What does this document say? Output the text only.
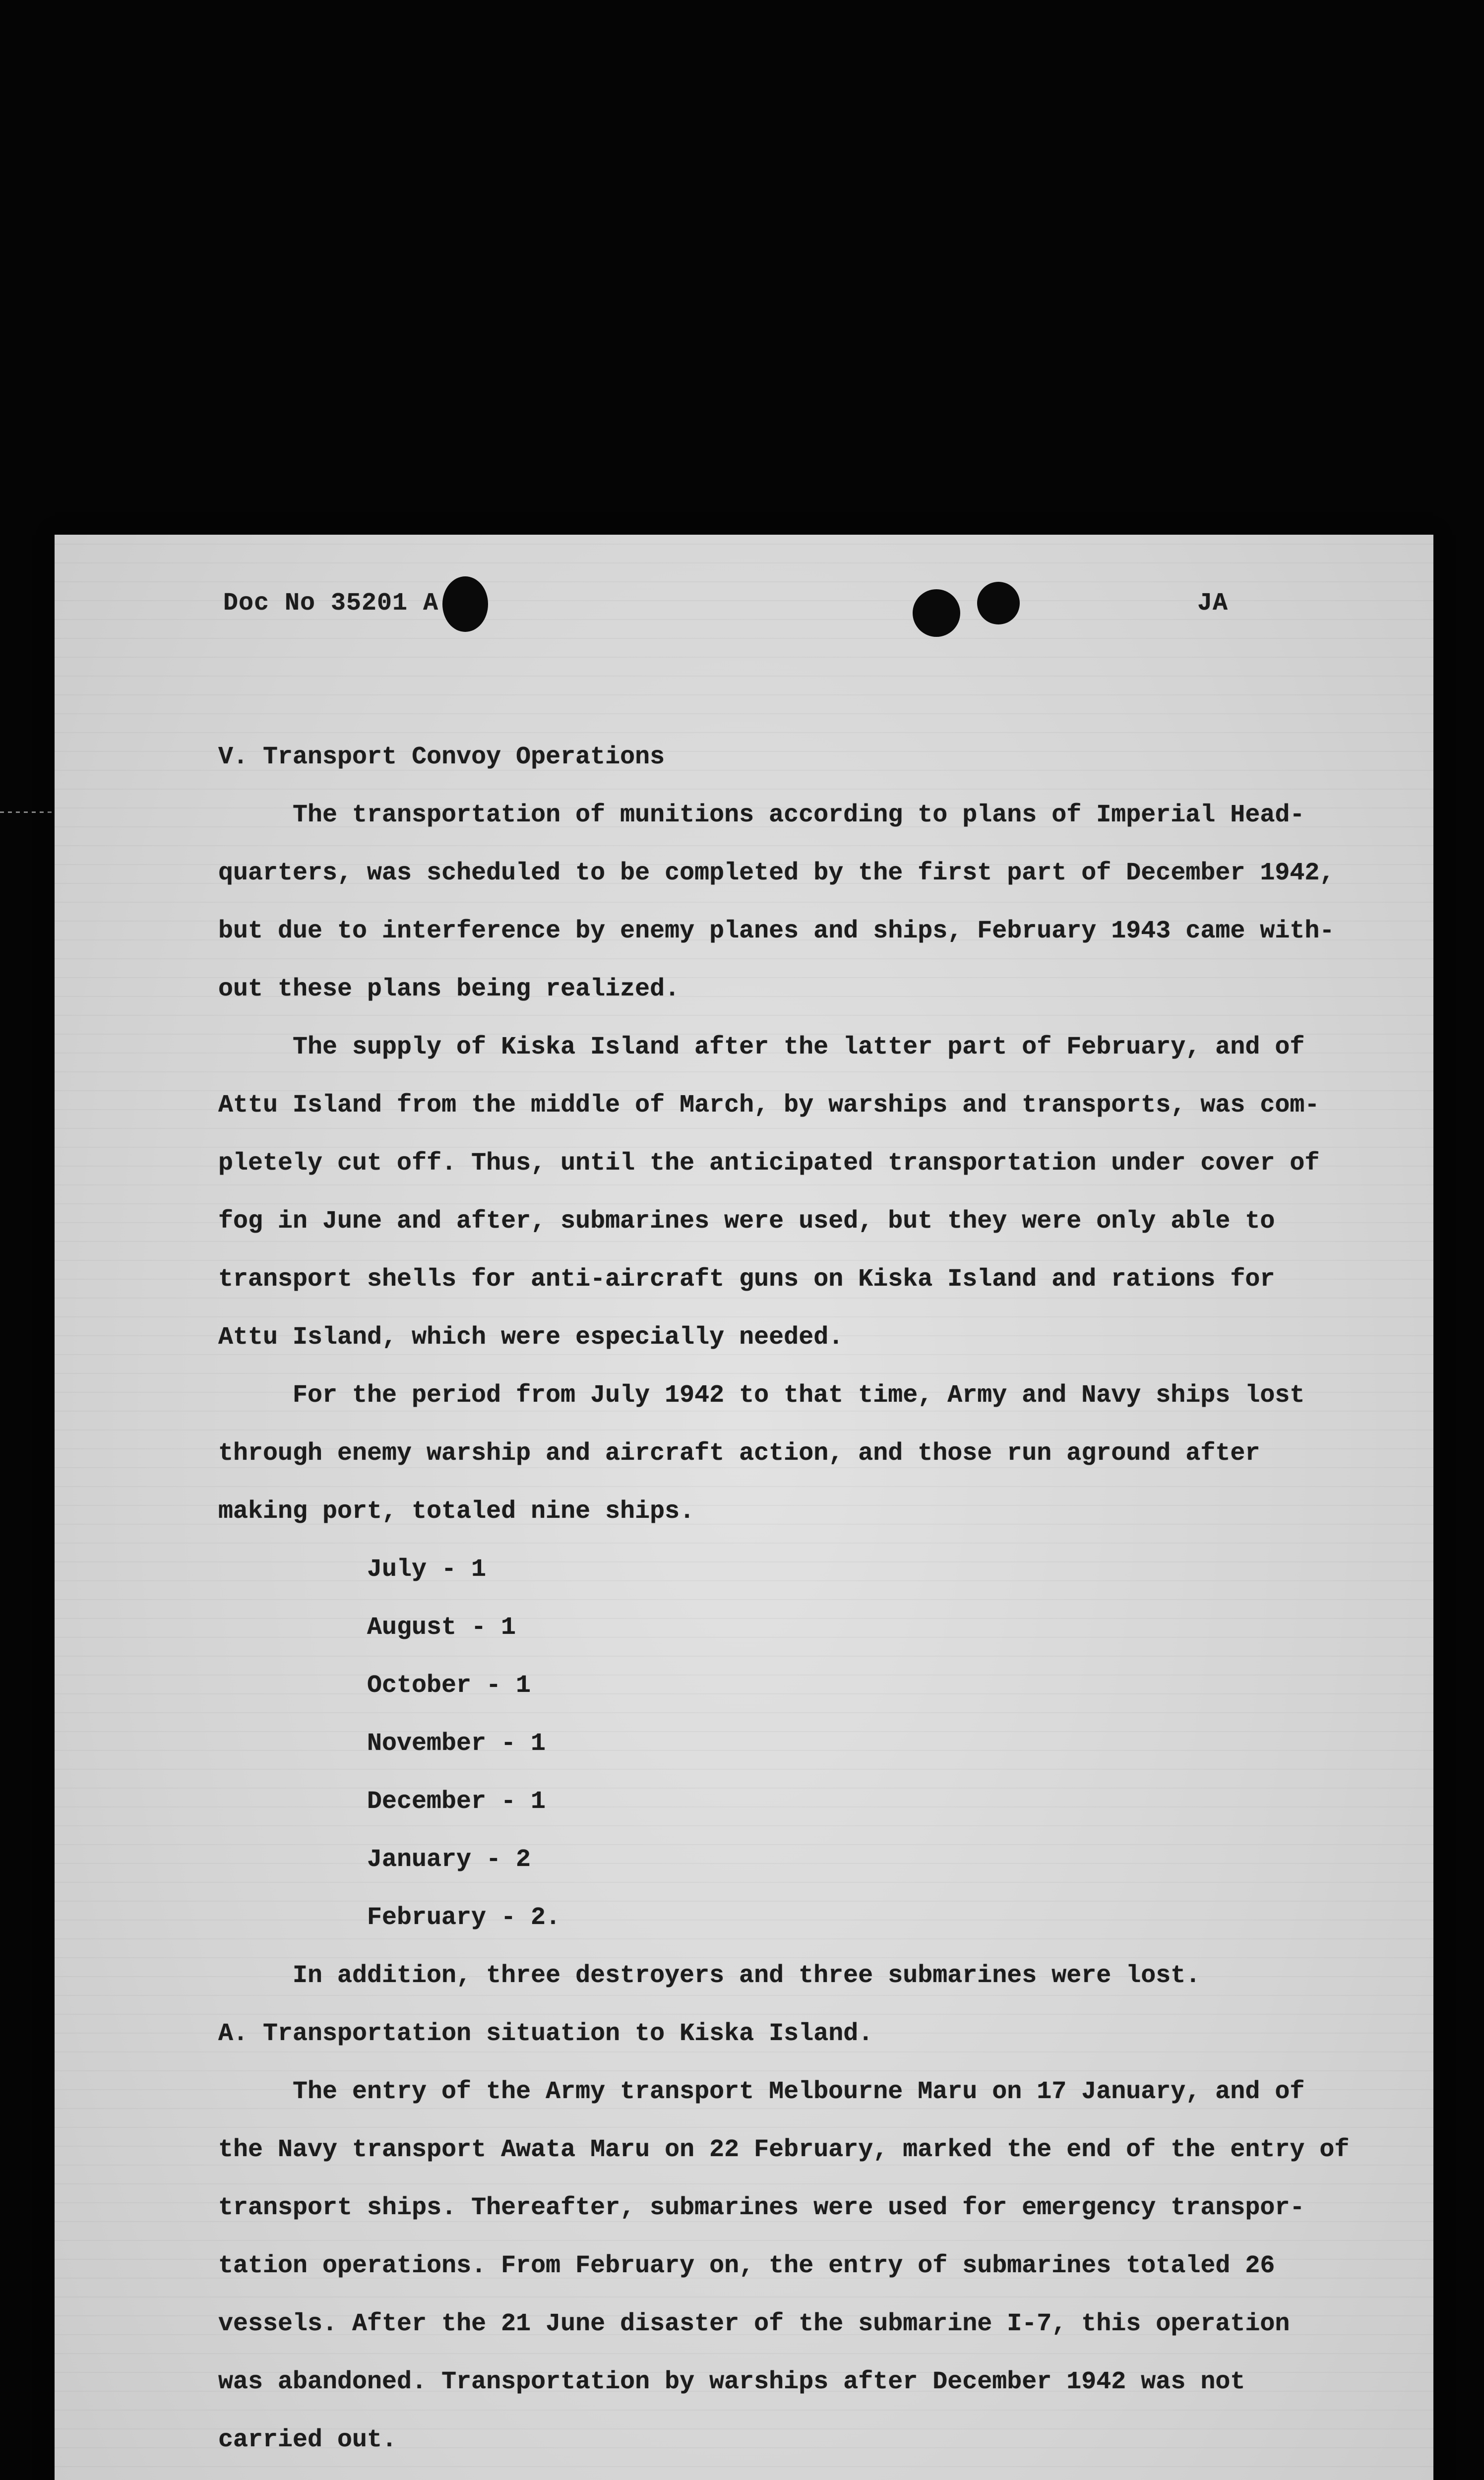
Doc No 35201 A	JA
V. Transport Convoy Operations
The transportation of munitions according to plans of Imperial Head-
quarters, was scheduled to be completed by the first part of December 1942,
but due to interference by enemy planes and ships, February 1943 came with-
out these plans being realized.
The supply of Kiska Island after the latter part of February, and of
Attu Island from the middle of March, by warships and transports, was com-
pletely cut off. Thus, until the anticipated transportation under cover of
fog in June and after, submarines were used, but they were only able to
transport shells for anti-aircraft guns on Kiska Island and rations for
Attu Island, which were especially needed.
For the period from July 1942 to that time, Army and Navy ships lost
through enemy warship and aircraft action, and those run aground after
making port, totaled nine ships.
July - 1
August - 1
October - 1
November - 1
December - 1
January - 2
February - 2.
In addition, three destroyers and three submarines were lost.
A. Transportation situation to Kiska Island.
The entry of the Army transport Melbourne Maru on 17 January, and of
the Navy transport Awata Maru on 22 February, marked the end of the entry of
transport ships. Thereafter, submarines were used for emergency transpor-
tation operations. From February on, the entry of submarines totaled 26
vessels. After the 21 June disaster of the submarine I-7, this operation
was abandoned. Transportation by warships after December 1942 was not
carried out.
